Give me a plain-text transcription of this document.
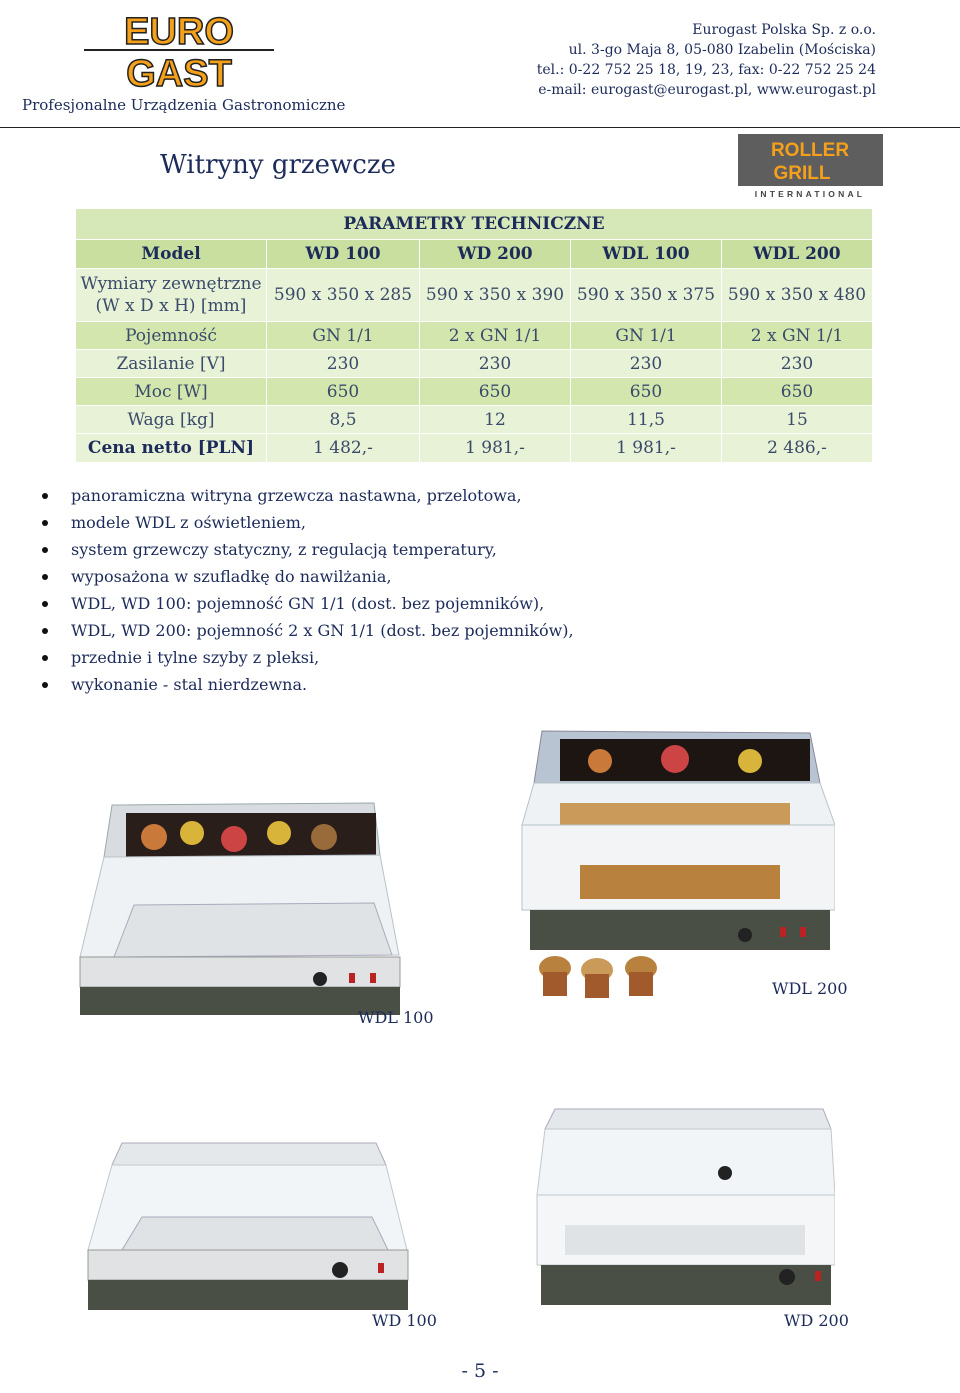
EURO
GAST
Profesjonalne Urządzenia Gastronomiczne
Eurogast Polska Sp. z o.o.
ul. 3-go Maja 8, 05-080 Izabelin (Mościska)
tel.: 0-22 752 25 18, 19, 23, fax: 0-22 752 25 24
e-mail: eurogast@eurogast.pl, www.eurogast.pl
Witryny grzewcze	ROLLER
GRILL
INTERNATIONAL
PARAMETRY TECHNICZNE				
Model	WD 100	WD 200	WDL 100	WDL 200
Wymiary zewnętrzne
(W x D x H) [mm]	590 x 350 x 285	590 x 350 x 390	590 x 350 x 375	590 x 350 x 480
Pojemność	GN 1/1	2 x GN 1/1	GN 1/1	2 x GN 1/1
Zasilanie [V]	230	230	230	230
Moc [W]	650	650	650	650
Waga [kg]	8,5	12	11,5	15
Cena netto [PLN]	1 482,-	1 981,-	1 981,-	2 486,-
panoramiczna witryna grzewcza nastawna, przelotowa,
modele WDL z oświetleniem,
system grzewczy statyczny, z regulacją temperatury,
wyposażona w szufladkę do nawilżania,
WDL, WD 100: pojemność GN 1/1 (dost. bez pojemników),
WDL, WD 200: pojemność 2 x GN 1/1 (dost. bez pojemników),
przednie i tylne szyby z pleksi,
wykonanie - stal nierdzewna.
WDL 100
WDL 200
WD 100	WD 200
- 5 -
